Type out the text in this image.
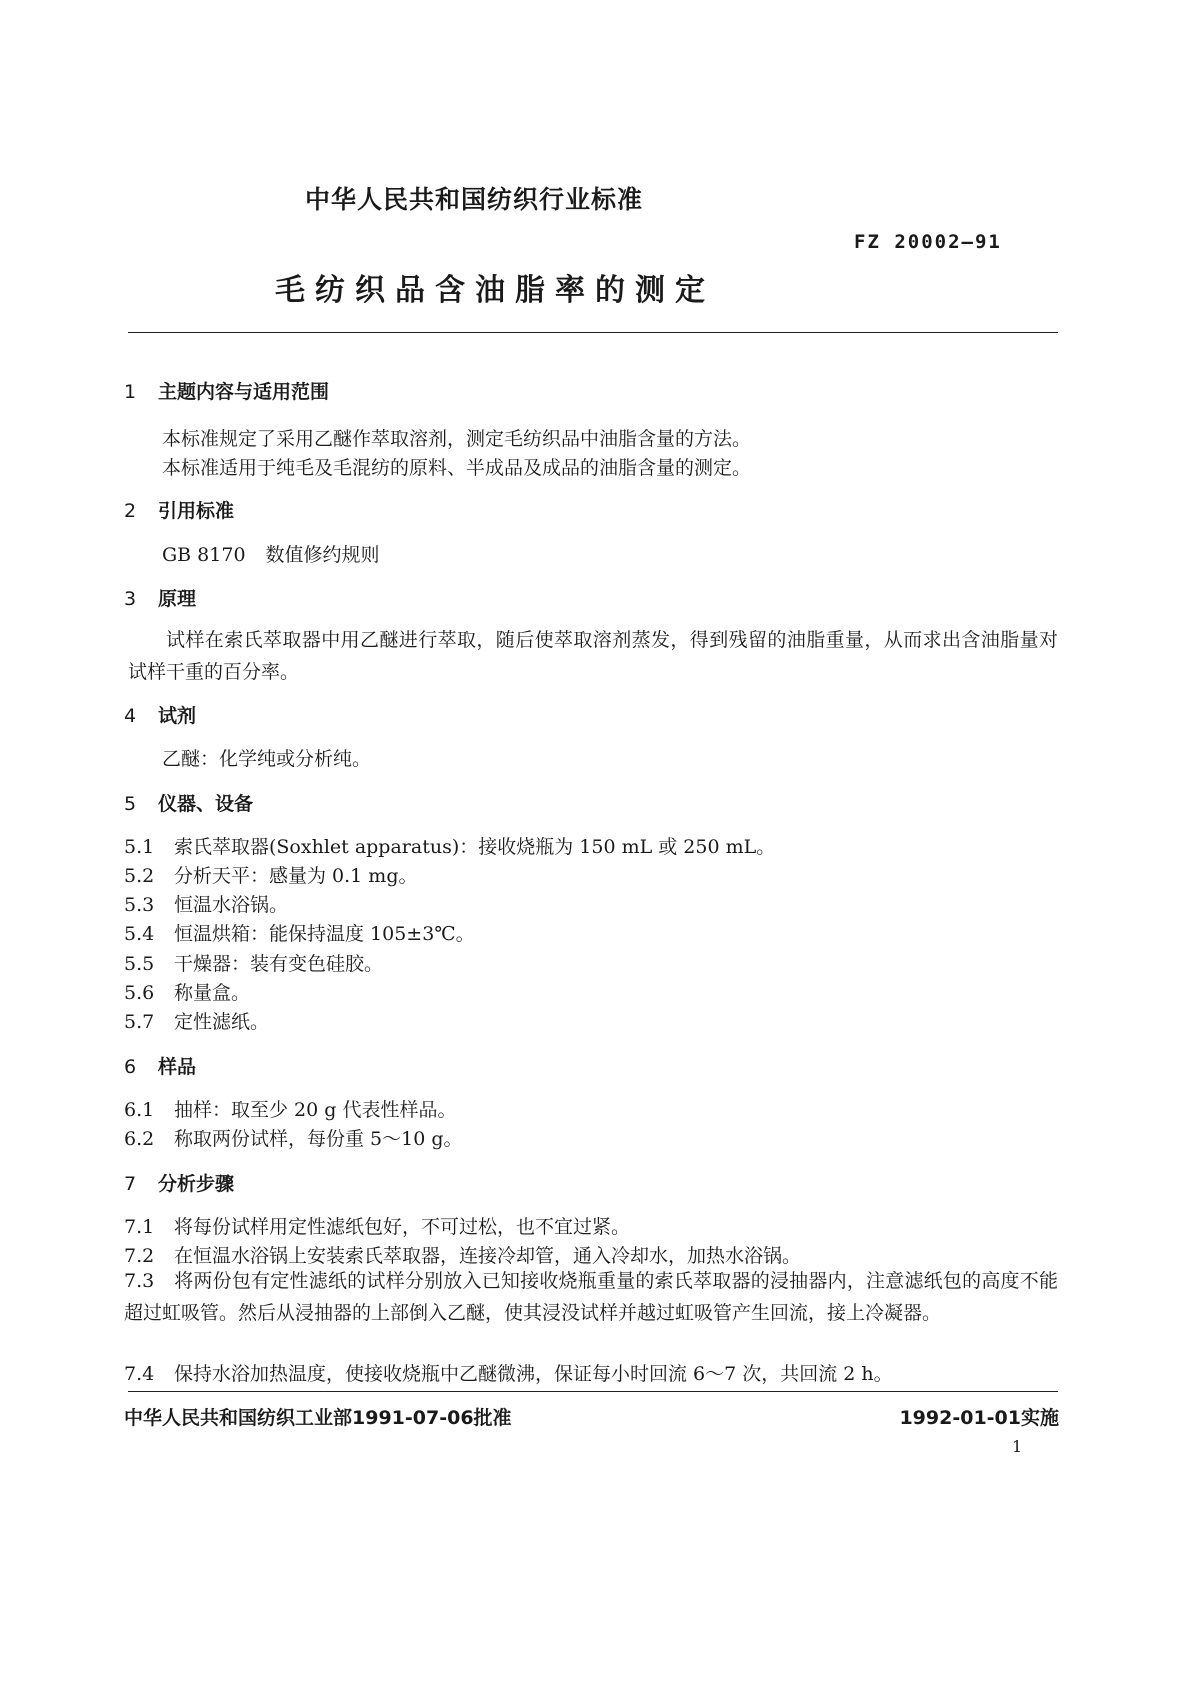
中华人民共和国纺织行业标准
FZ 20002—91
毛纺织品含油脂率的测定
1 主题内容与适用范围
本标准规定了采用乙醚作萃取溶剂，测定毛纺织品中油脂含量的方法。
本标准适用于纯毛及毛混纺的原料、半成品及成品的油脂含量的测定。
2 引用标准
GB 8170 数值修约规则
3 原理
试样在索氏萃取器中用乙醚进行萃取，随后使萃取溶剂蒸发，得到残留的油脂重量，从而求出含油脂量对试样干重的百分率。
4 试剂
乙醚：化学纯或分析纯。
5 仪器、设备
5.1 索氏萃取器(Soxhlet apparatus)：接收烧瓶为 150 mL 或 250 mL。
5.2 分析天平：感量为 0.1 mg。
5.3 恒温水浴锅。
5.4 恒温烘箱：能保持温度 105±3℃。
5.5 干燥器：装有变色硅胶。
5.6 称量盒。
5.7 定性滤纸。
6 样品
6.1 抽样：取至少 20 g 代表性样品。
6.2 称取两份试样，每份重 5～10 g。
7 分析步骤
7.1 将每份试样用定性滤纸包好，不可过松，也不宜过紧。
7.2 在恒温水浴锅上安装索氏萃取器，连接冷却管，通入冷却水，加热水浴锅。
7.3 将两份包有定性滤纸的试样分别放入已知接收烧瓶重量的索氏萃取器的浸抽器内，注意滤纸包的高度不能超过虹吸管。然后从浸抽器的上部倒入乙醚，使其浸没试样并越过虹吸管产生回流，接上冷凝器。
7.4 保持水浴加热温度，使接收烧瓶中乙醚微沸，保证每小时回流 6～7 次，共回流 2 h。
中华人民共和国纺织工业部1991-07-06批准	1992-01-01实施
1
